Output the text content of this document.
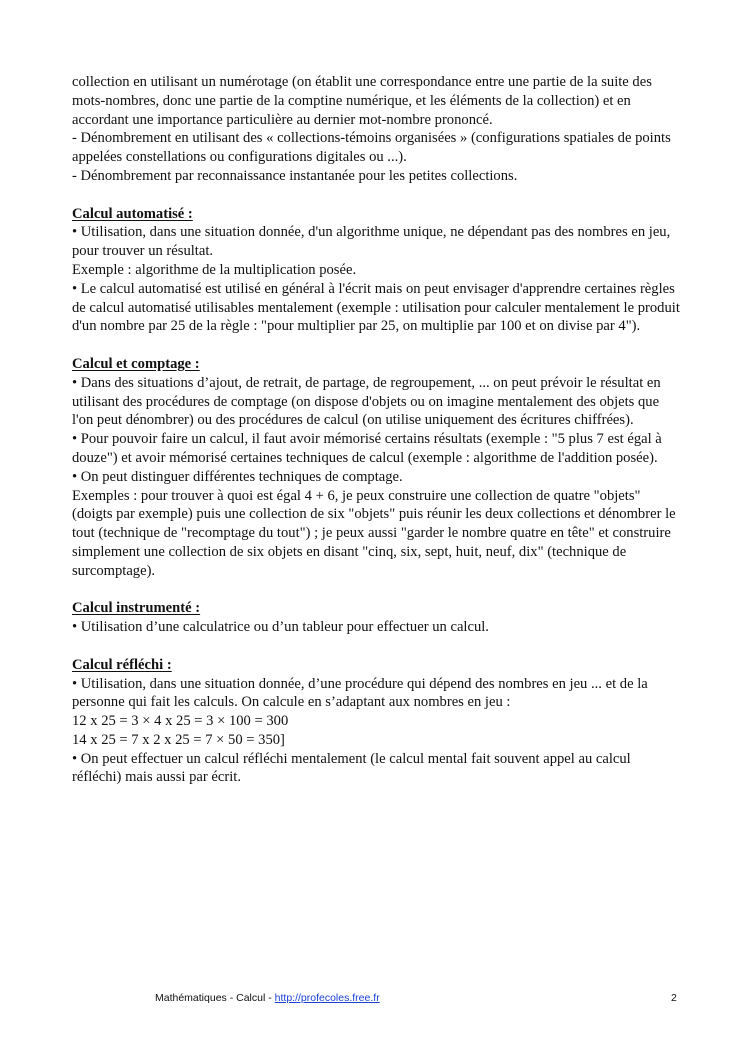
collection en utilisant un numérotage (on établit une correspondance entre une partie de la suite des mots-nombres, donc une partie de la comptine numérique, et les éléments de la collection) et en accordant une importance particulière au dernier mot-nombre prononcé.

- Dénombrement en utilisant des « collections-témoins organisées » (configurations spatiales de points appelées constellations ou configurations digitales ou ...).

- Dénombrement par reconnaissance instantanée pour les petites collections.

Calcul automatisé :

• Utilisation, dans une situation donnée, d'un algorithme unique, ne dépendant pas des nombres en jeu, pour trouver un résultat.

Exemple : algorithme de la multiplication posée.

• Le calcul automatisé est utilisé en général à l'écrit mais on peut envisager d'apprendre certaines règles de calcul automatisé utilisables mentalement (exemple : utilisation pour calculer mentalement le produit d'un nombre par 25 de la règle : "pour multiplier par 25, on multiplie par 100 et on divise par 4").

Calcul et comptage :

• Dans des situations d’ajout, de retrait, de partage, de regroupement, ... on peut prévoir le résultat en utilisant des procédures de comptage (on dispose d'objets ou on imagine mentalement des objets que l'on peut dénombrer) ou des procédures de calcul (on utilise uniquement des écritures chiffrées).

• Pour pouvoir faire un calcul, il faut avoir mémorisé certains résultats (exemple : "5 plus 7 est égal à douze") et avoir mémorisé certaines techniques de calcul (exemple : algorithme de l'addition posée).

• On peut distinguer différentes techniques de comptage.

Exemples : pour trouver à quoi est égal 4 + 6, je peux construire une collection de quatre "objets" (doigts par exemple) puis une collection de six "objets" puis réunir les deux collections et dénombrer le tout (technique de "recomptage du tout") ; je peux aussi "garder le nombre quatre en tête" et construire simplement une collection de six objets en disant "cinq, six, sept, huit, neuf, dix" (technique de surcomptage).

Calcul instrumenté :

• Utilisation d’une calculatrice ou d’un tableur pour effectuer un calcul.

Calcul réfléchi :

• Utilisation, dans une situation donnée, d’une procédure qui dépend des nombres en jeu ... et de la personne qui fait les calculs. On calcule en s’adaptant aux nombres en jeu :

12 x 25 = 3 × 4 x 25 = 3 × 100 = 300

14 x 25 = 7 x 2 x 25 = 7 × 50 = 350]

• On peut effectuer un calcul réfléchi mentalement (le calcul mental fait souvent appel au calcul réfléchi) mais aussi par écrit.

Mathématiques - Calcul - http://profecoles.free.fr	2
